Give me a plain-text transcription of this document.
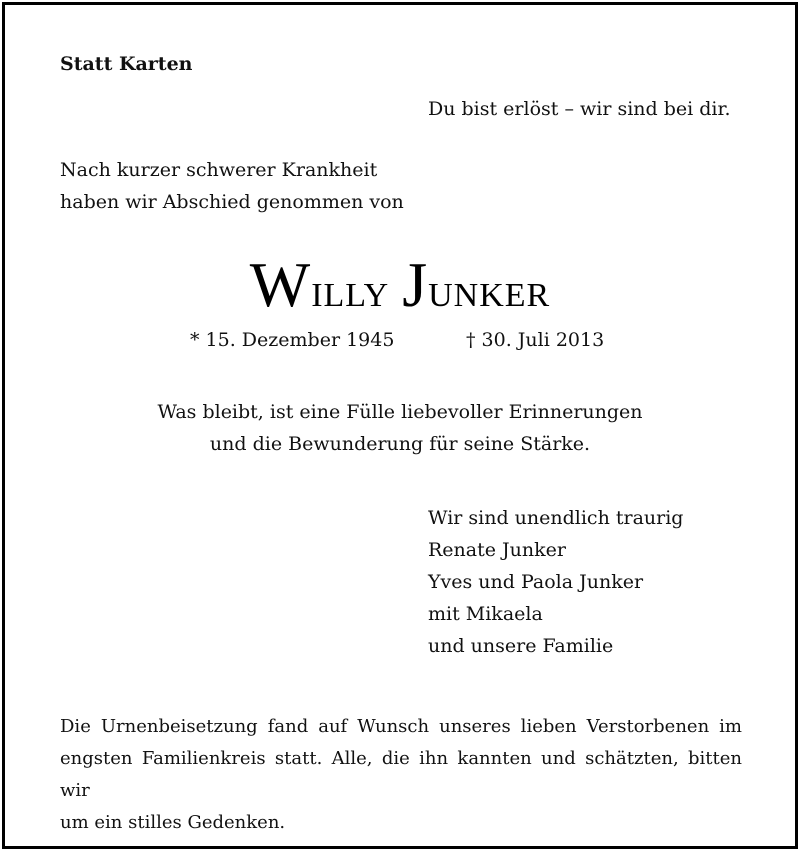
Statt Karten
Du bist erlöst – wir sind bei dir.
Nach kurzer schwerer Krankheit
haben wir Abschied genommen von
Willy Junker
* 15. Dezember 1945	† 30. Juli 2013
Was bleibt, ist eine Fülle liebevoller Erinnerungen
und die Bewunderung für seine Stärke.
Wir sind unendlich traurig
Renate Junker
Yves und Paola Junker
mit Mikaela
und unsere Familie
Die Urnenbeisetzung fand auf Wunsch unseres lieben Verstorbenen im
engsten Familienkreis statt. Alle, die ihn kannten und schätzten, bitten wir
um ein stilles Gedenken.
